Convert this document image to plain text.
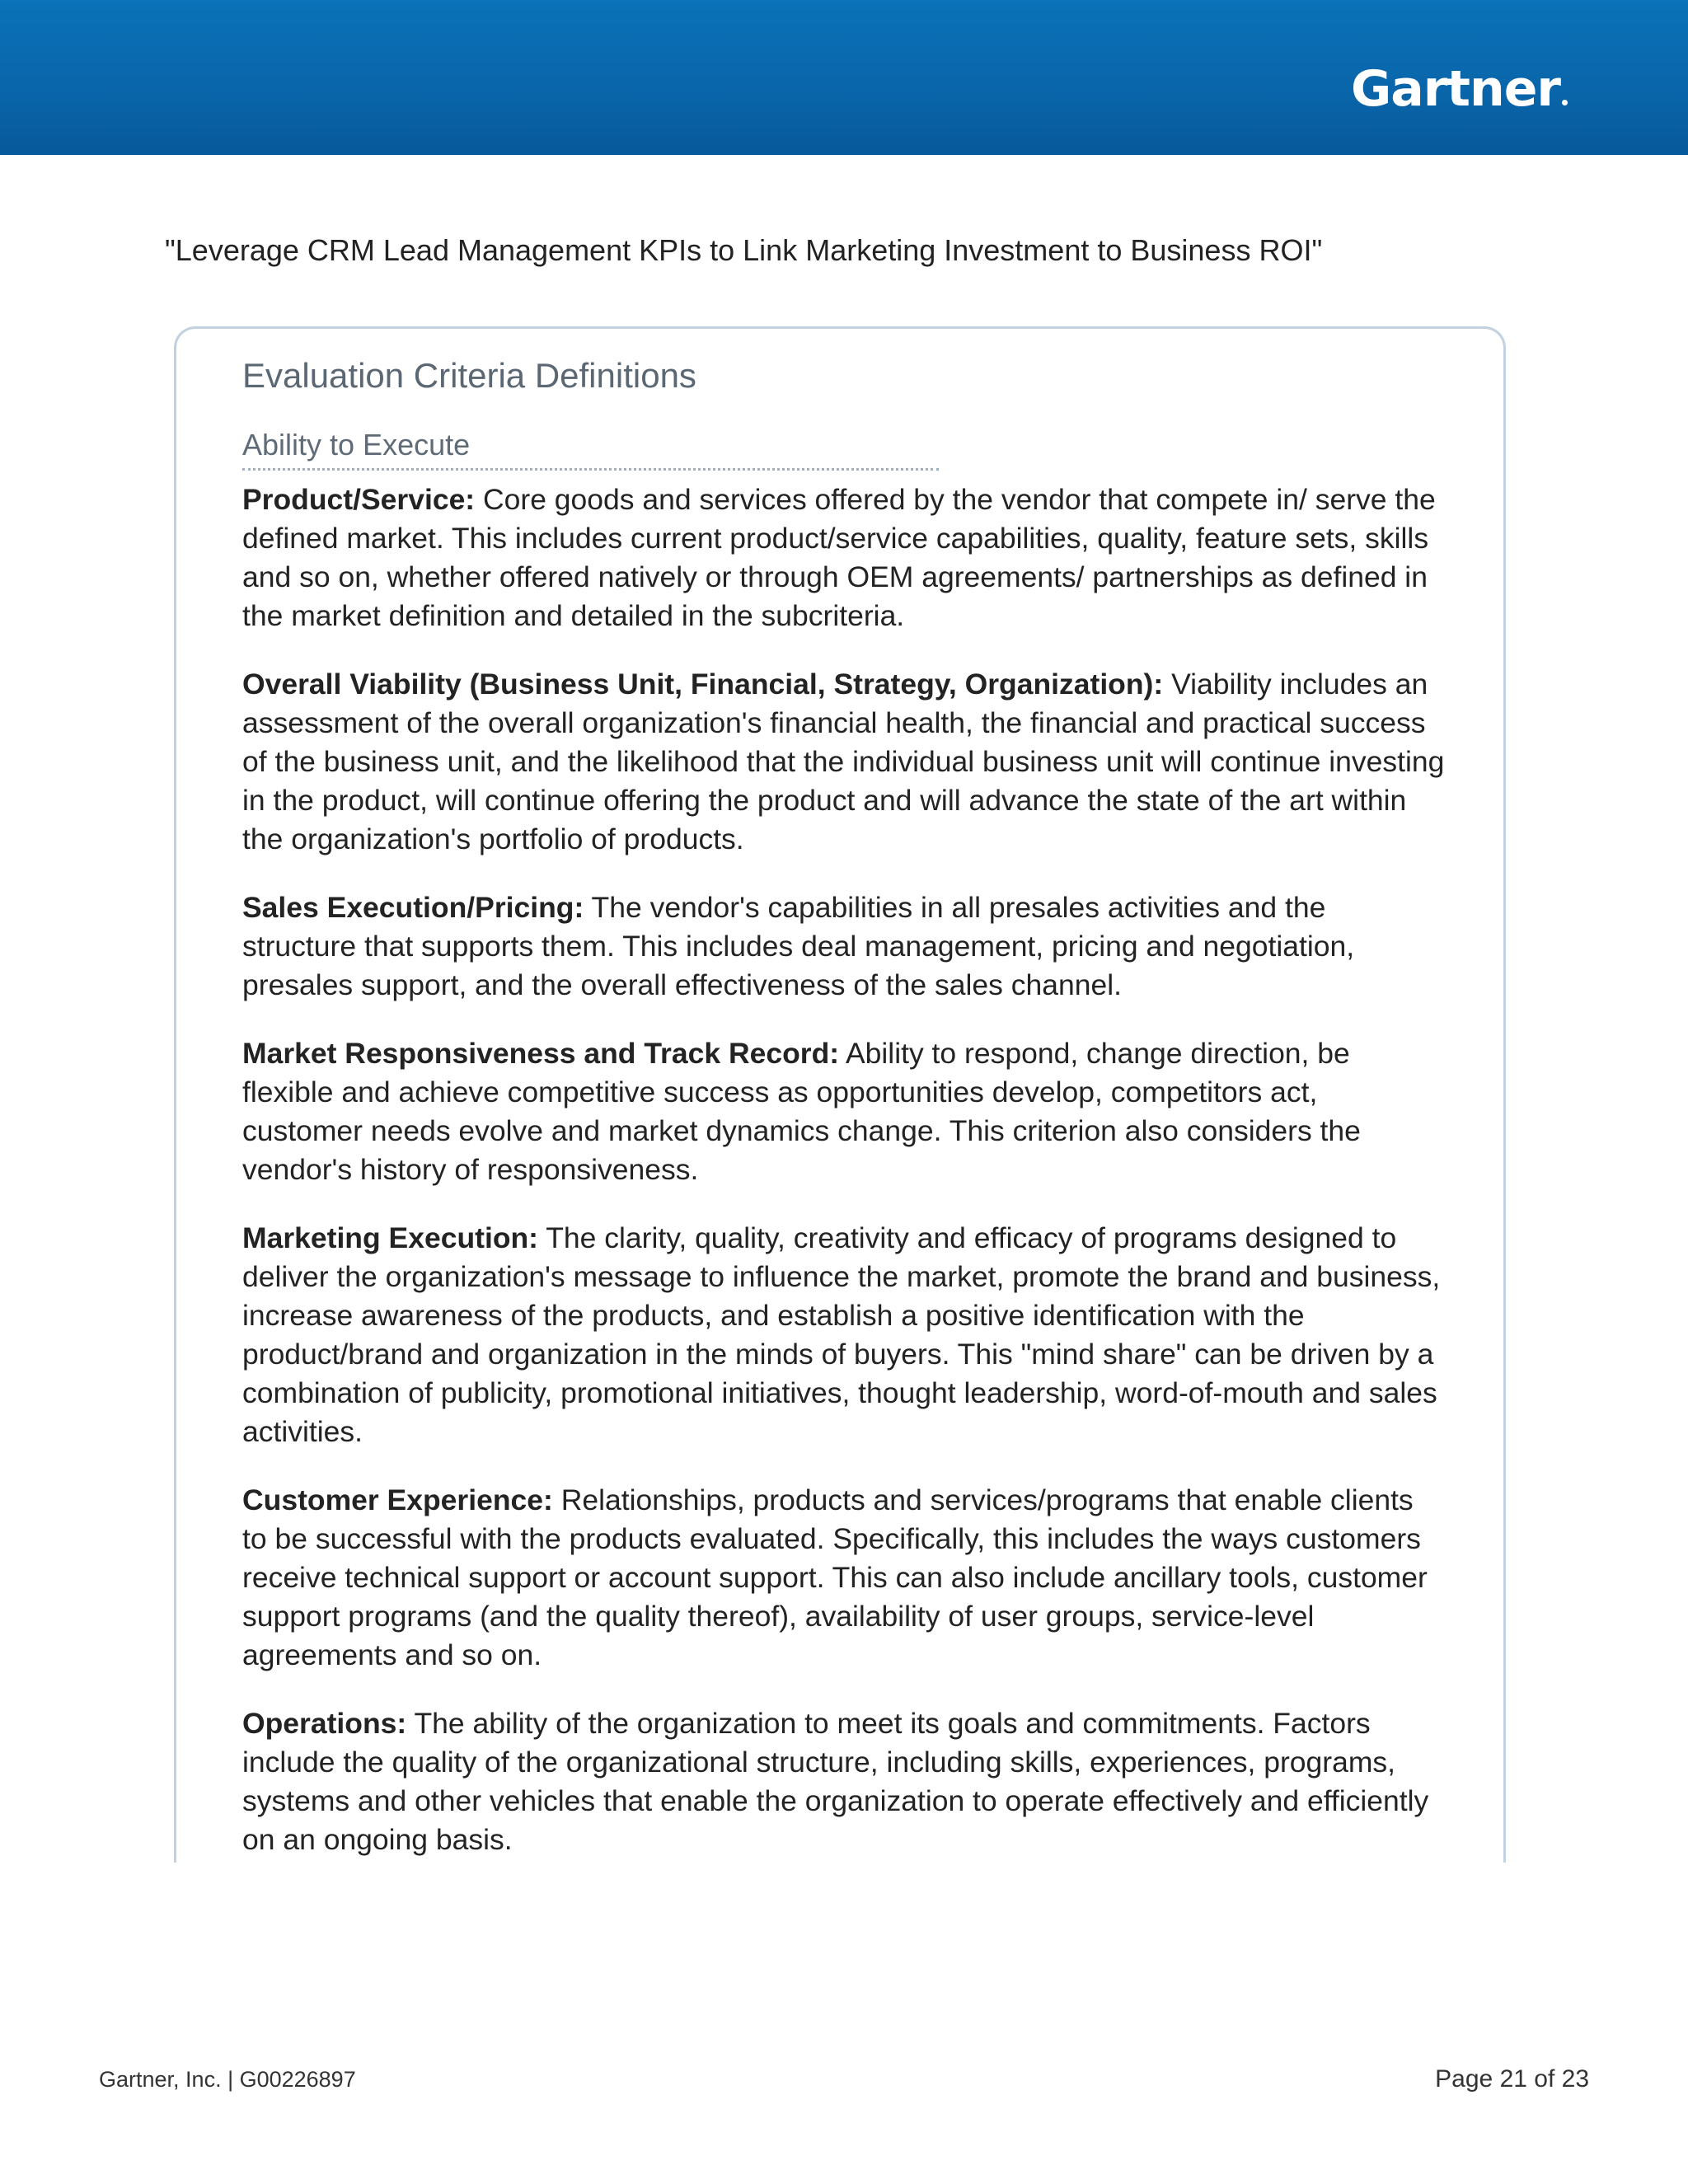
Gartner
"Leverage CRM Lead Management KPIs to Link Marketing Investment to Business ROI"
Evaluation Criteria Definitions
Ability to Execute

Product/Service: Core goods and services offered by the vendor that compete in/ serve the defined market. This includes current product/service capabilities, quality, feature sets, skills and so on, whether offered natively or through OEM agreements/ partnerships as defined in the market definition and detailed in the subcriteria.

Overall Viability (Business Unit, Financial, Strategy, Organization): Viability includes an assessment of the overall organization's financial health, the financial and practical success of the business unit, and the likelihood that the individual business unit will continue investing in the product, will continue offering the product and will advance the state of the art within the organization's portfolio of products.

Sales Execution/Pricing: The vendor's capabilities in all presales activities and the structure that supports them. This includes deal management, pricing and negotiation, presales support, and the overall effectiveness of the sales channel.

Market Responsiveness and Track Record: Ability to respond, change direction, be flexible and achieve competitive success as opportunities develop, competitors act, customer needs evolve and market dynamics change. This criterion also considers the vendor's history of responsiveness.

Marketing Execution: The clarity, quality, creativity and efficacy of programs designed to deliver the organization's message to influence the market, promote the brand and business, increase awareness of the products, and establish a positive identification with the product/brand and organization in the minds of buyers. This "mind share" can be driven by a combination of publicity, promotional initiatives, thought leadership, word-of-mouth and sales activities.

Customer Experience: Relationships, products and services/programs that enable clients to be successful with the products evaluated. Specifically, this includes the ways customers receive technical support or account support. This can also include ancillary tools, customer support programs (and the quality thereof), availability of user groups, service-level agreements and so on.

Operations: The ability of the organization to meet its goals and commitments. Factors include the quality of the organizational structure, including skills, experiences, programs, systems and other vehicles that enable the organization to operate effectively and efficiently on an ongoing basis.

Gartner, Inc. | G00226897	Page 21 of 23
